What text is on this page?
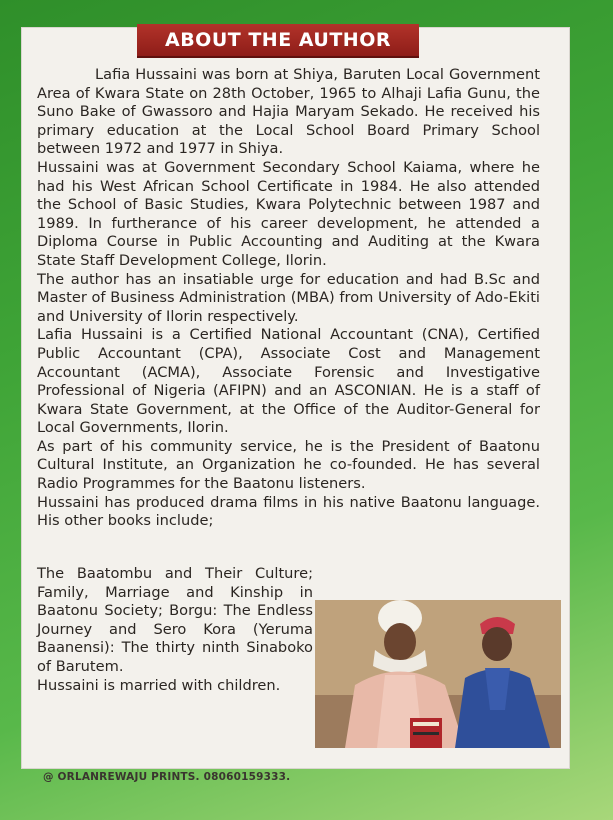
ABOUT THE AUTHOR

Lafia Hussaini was born at Shiya, Baruten Local Government Area of Kwara State on 28th October, 1965 to Alhaji Lafia Gunu, the Suno Bake of Gwassoro and Hajia Maryam Sekado. He received his primary education at the Local School Board Primary School between 1972 and 1977 in Shiya.

Hussaini was at Government Secondary School Kaiama, where he had his West African School Certificate in 1984. He also attended the School of Basic Studies, Kwara Polytechnic between 1987 and 1989. In furtherance of his career development, he attended a Diploma Course in Public Accounting and Auditing at the Kwara State Staff Development College, Ilorin.

The author has an insatiable urge for education and had B.Sc and Master of Business Administration (MBA) from University of Ado-Ekiti and University of Ilorin respectively.

Lafia Hussaini is a Certified National Accountant (CNA), Certified Public Accountant (CPA), Associate Cost and Management Accountant (ACMA), Associate Forensic and Investigative Professional of Nigeria (AFIPN) and an ASCONIAN. He is a staff of Kwara State Government, at the Office of the Auditor-General for Local Governments, Ilorin.

As part of his community service, he is the President of Baatonu Cultural Institute, an Organization he co-founded. He has several Radio Programmes for the Baatonu listeners.

Hussaini has produced drama films in his native Baatonu language. His other books include;

The Baatombu and Their Culture; Family, Marriage and Kinship in Baatonu Society; Borgu: The Endless Journey and Sero Kora (Yeruma Baanensi): The thirty ninth Sinaboko of Barutem.

Hussaini is married with children.

@ ORLANREWAJU PRINTS. 08060159333.
